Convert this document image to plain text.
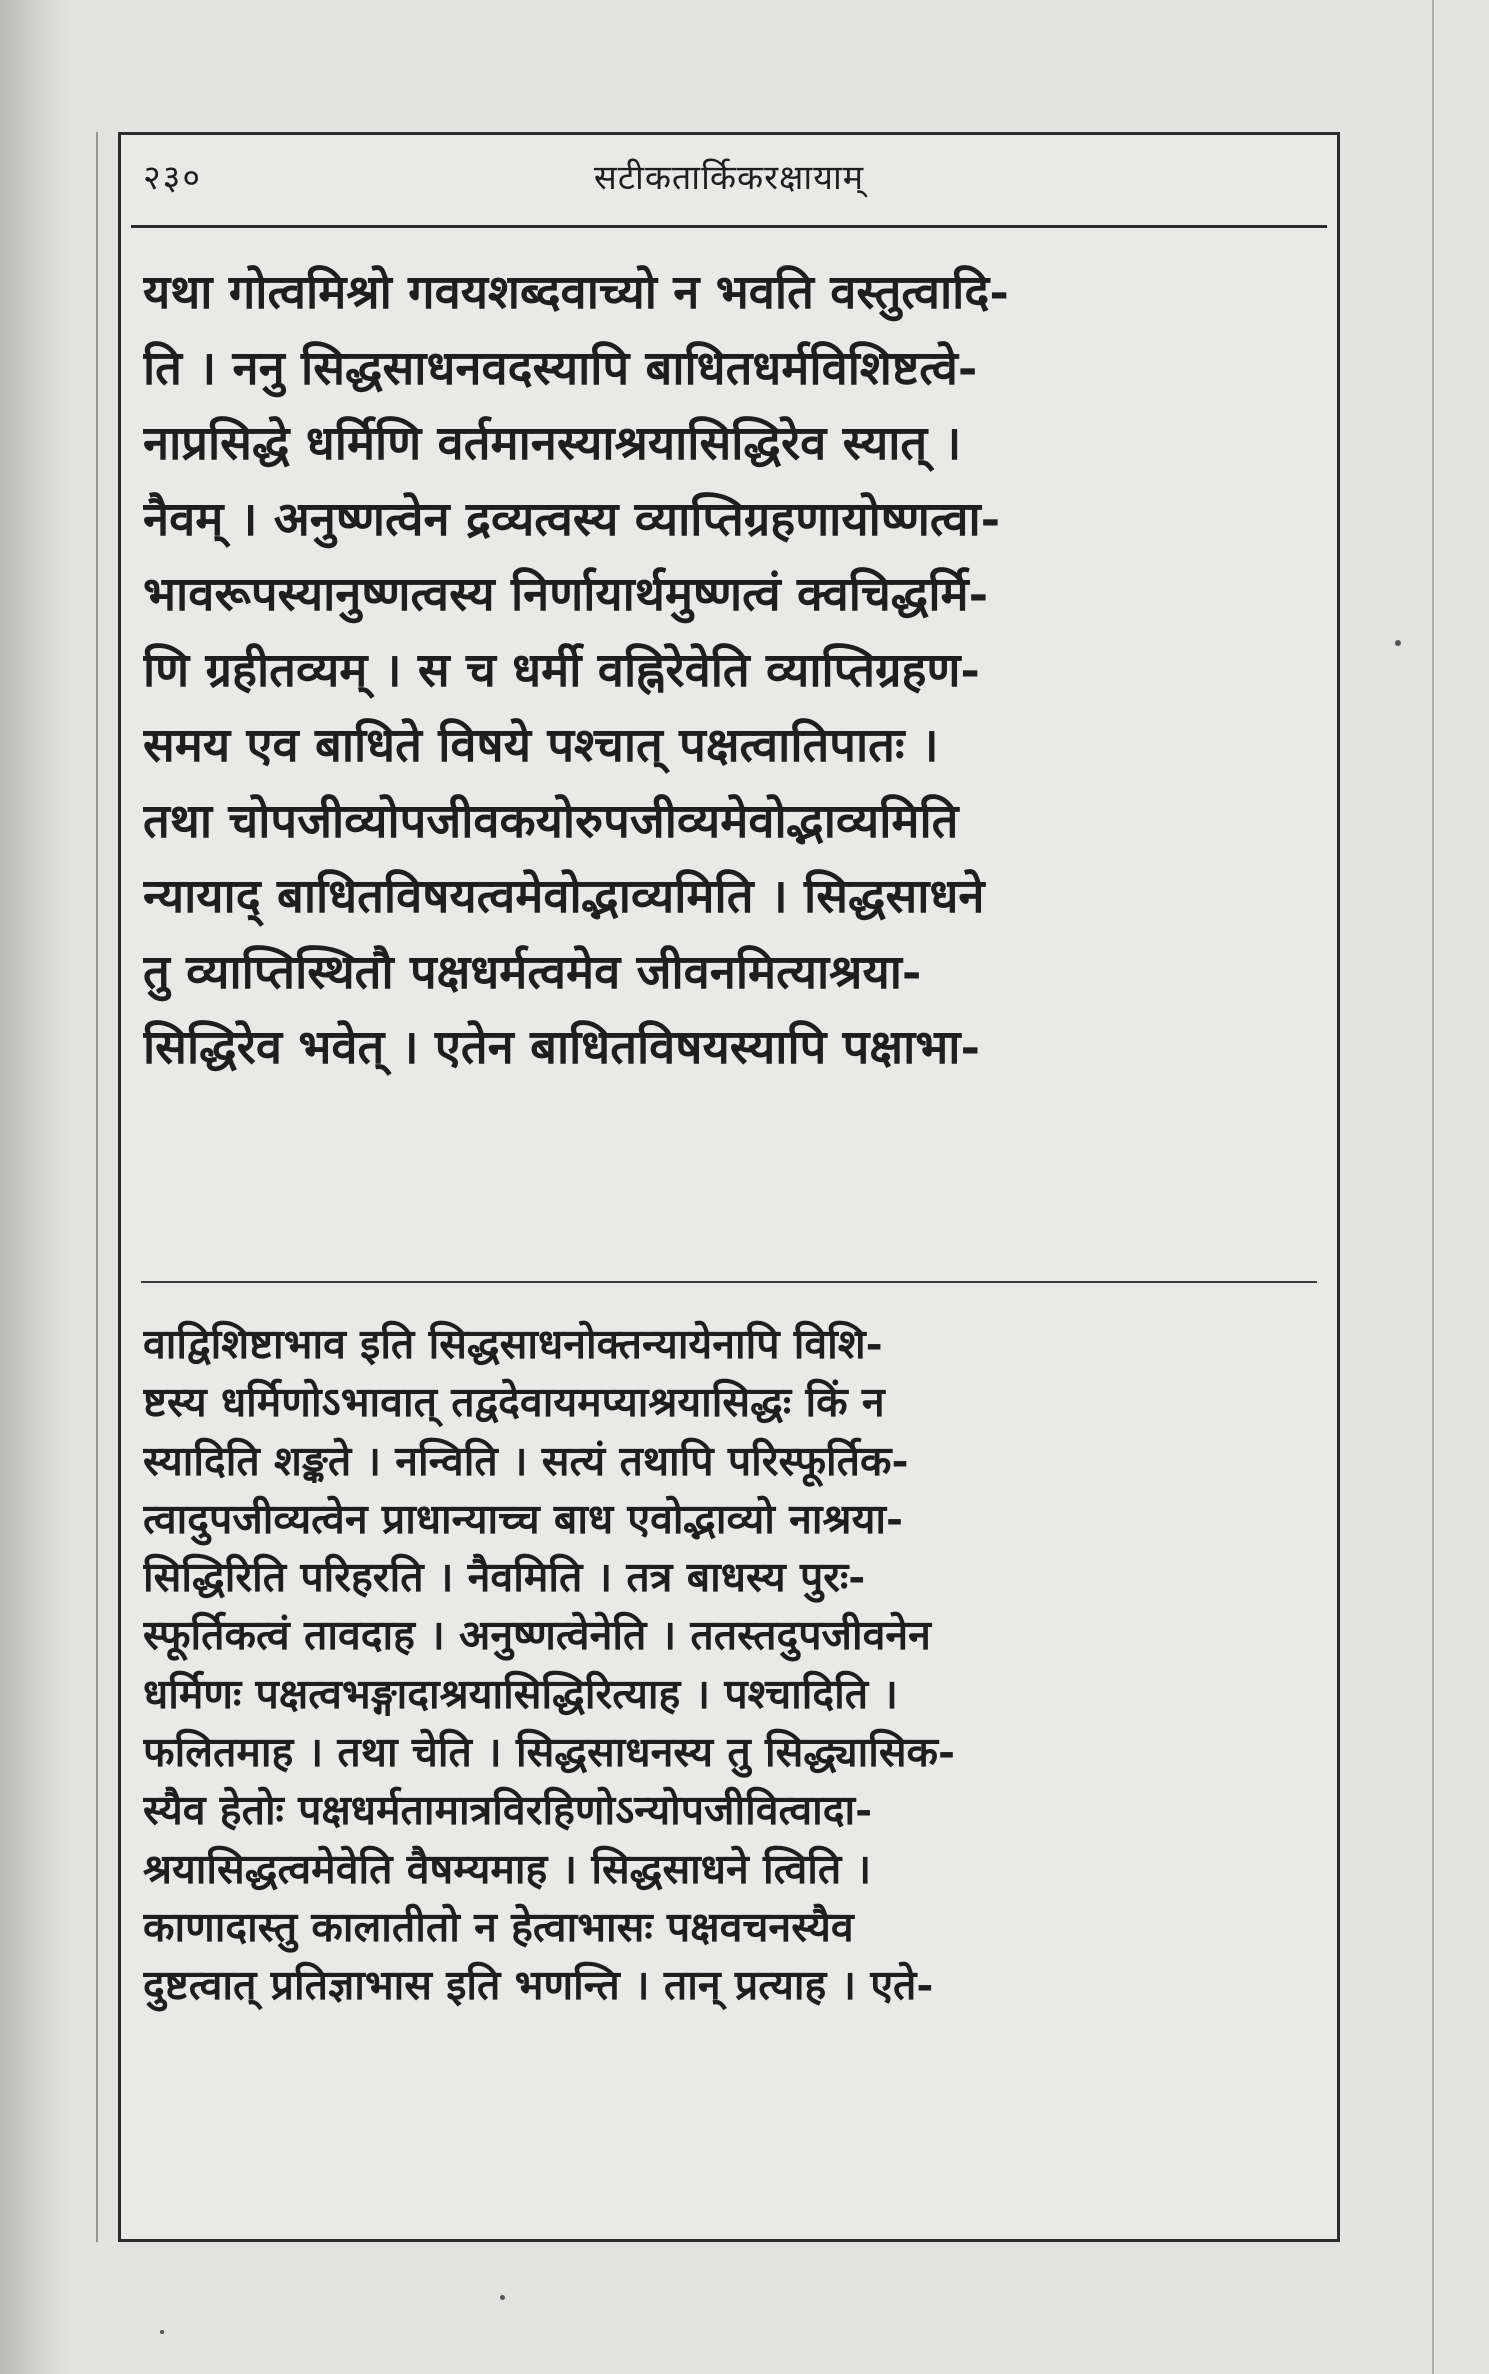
२३०	सटीकतार्किकरक्षायाम्
यथा गोत्वमिश्रो गवयशब्दवाच्यो न भवति वस्तुत्वादि-
ति । ननु सिद्धसाधनवदस्यापि बाधितधर्मविशिष्टत्वे-
नाप्रसिद्धे धर्मिणि वर्तमानस्याश्रयासिद्धिरेव स्यात् ।
नैवम् । अनुष्णत्वेन द्रव्यत्वस्य व्याप्तिग्रहणायोष्णत्वा-
भावरूपस्यानुष्णत्वस्य निर्णायार्थमुष्णत्वं क्वचिद्धर्मि-
णि ग्रहीतव्यम् । स च धर्मी वह्निरेवेति व्याप्तिग्रहण-
समय एव बाधिते विषये पश्चात् पक्षत्वातिपातः ।
तथा चोपजीव्योपजीवकयोरुपजीव्यमेवोद्भाव्यमिति
न्यायाद् बाधितविषयत्वमेवोद्भाव्यमिति । सिद्धसाधने
तु व्याप्तिस्थितौ पक्षधर्मत्वमेव जीवनमित्याश्रया-
सिद्धिरेव भवेत् । एतेन बाधितविषयस्यापि पक्षाभा-
वाद्विशिष्टाभाव इति सिद्धसाधनोक्तन्यायेनापि विशि-
ष्टस्य धर्मिणोऽभावात् तद्वदेवायमप्याश्रयासिद्धः किं न
स्यादिति शङ्कते । नन्विति । सत्यं तथापि परिस्फूर्तिक-
त्वादुपजीव्यत्वेन प्राधान्याच्च बाध एवोद्भाव्यो नाश्रया-
सिद्धिरिति परिहरति । नैवमिति । तत्र बाधस्य पुरः-
स्फूर्तिकत्वं तावदाह । अनुष्णत्वेनेति । ततस्तदुपजीवनेन
धर्मिणः पक्षत्वभङ्गादाश्रयासिद्धिरित्याह । पश्चादिति ।
फलितमाह । तथा चेति । सिद्धसाधनस्य तु सिद्ध्यासिक-
स्यैव हेतोः पक्षधर्मतामात्रविरहिणोऽन्योपजीवित्वादा-
श्रयासिद्धत्वमेवेति वैषम्यमाह । सिद्धसाधने त्विति ।
काणादास्तु कालातीतो न हेत्वाभासः पक्षवचनस्यैव
दुष्टत्वात् प्रतिज्ञाभास इति भणन्ति । तान् प्रत्याह । एते-
